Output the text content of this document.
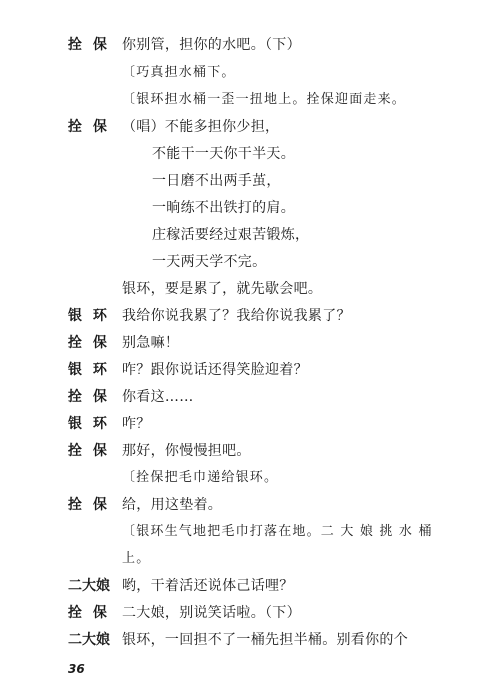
拴 保 你别管，担你的水吧。（下）
〔巧真担水桶下。
〔银环担水桶一歪一扭地上。拴保迎面走来。
拴 保 （唱）不能多担你少担，
不能干一天你干半天。
一日磨不出两手茧，
一晌练不出铁打的肩。
庄稼活要经过艰苦锻炼，
一天两天学不完。
银环，要是累了，就先歇会吧。
银 环 我给你说我累了？我给你说我累了？
拴 保 别急嘛！
银 环 咋？跟你说话还得笑脸迎着？
拴 保 你看这……
银 环 咋？
拴 保 那好，你慢慢担吧。
〔拴保把毛巾递给银环。
拴 保 给，用这垫着。
〔银环生气地把毛巾打落在地。二 大 娘 挑 水 桶
上。
二大娘 哟，干着活还说体己话哩？
拴 保 二大娘，别说笑话啦。（下）
二大娘 银环，一回担不了一桶先担半桶。别看你的个
36
